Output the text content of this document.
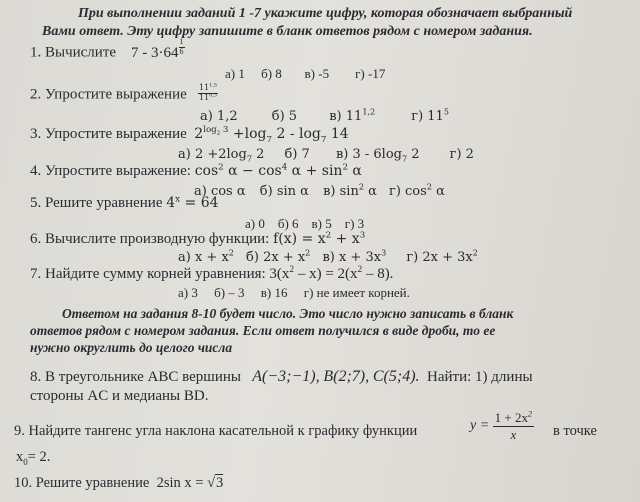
При выполнении заданий 1 -7 укажите цифру, которая обозначает выбранный
Вами ответ. Эту цифру запишите в бланк ответов рядом с номером задания.
1. Вычислите $7 - 3\cdot 64 \frac{1}{6}$
а) 1     б) 8       в) -5        г) -17
2. Упростите выражение $\frac{11^{1,5}}{11^{0,3}}$
а) 1,2	б) 5 в) 11$^{1,2}$	г) $11^5$
3. Упростите выражение $2^{log_2 3} +\log_7$ $2 - \log_7 14$
а) $2 +2\log_7$ 2 б) 7 в) $3 - 6\log_7$ 2 г) 2
4. Упростите выражение: $\cos^2 \alpha - \cos^4 \alpha + \sin^2 \alpha$
а) cos α б) sin α в) $\sin^2 \alpha$ г) $\cos^2 \alpha$
5. Решите уравнение $4^x = 64$
а) 0    б) 6    в) 5    г) 3
6. Вычислите производную функции: $f(x) = x^2 + x^3$
а) $x + x^2$ б) $2x + x^2$ в) $x + 3x^3$ г) $2x + 3x^2$
7. Найдите сумму корней уравнения: $3(x^2 - x) = 2(x^2 - 8)$.
а) 3     б) – 3     в) 16     г) не имеет корней.
Ответом на задания 8-10 будет число. Это число нужно записать в бланк
ответов рядом с номером задания. Если ответ получился в виде дроби, то ее
нужно округлить до целого числа
8. В треугольнике ABC вершины A(−3;−1), B(2;7), C(5;4). Найти: 1) длины
стороны AC и медианы BD.
9. Найдите тангенс угла наклона касательной к графику функции	$y = \frac{1 + 2x^2}{x}$ в точке
$x_0= 2$.
10. Решите уравнение 2sin x = √3
